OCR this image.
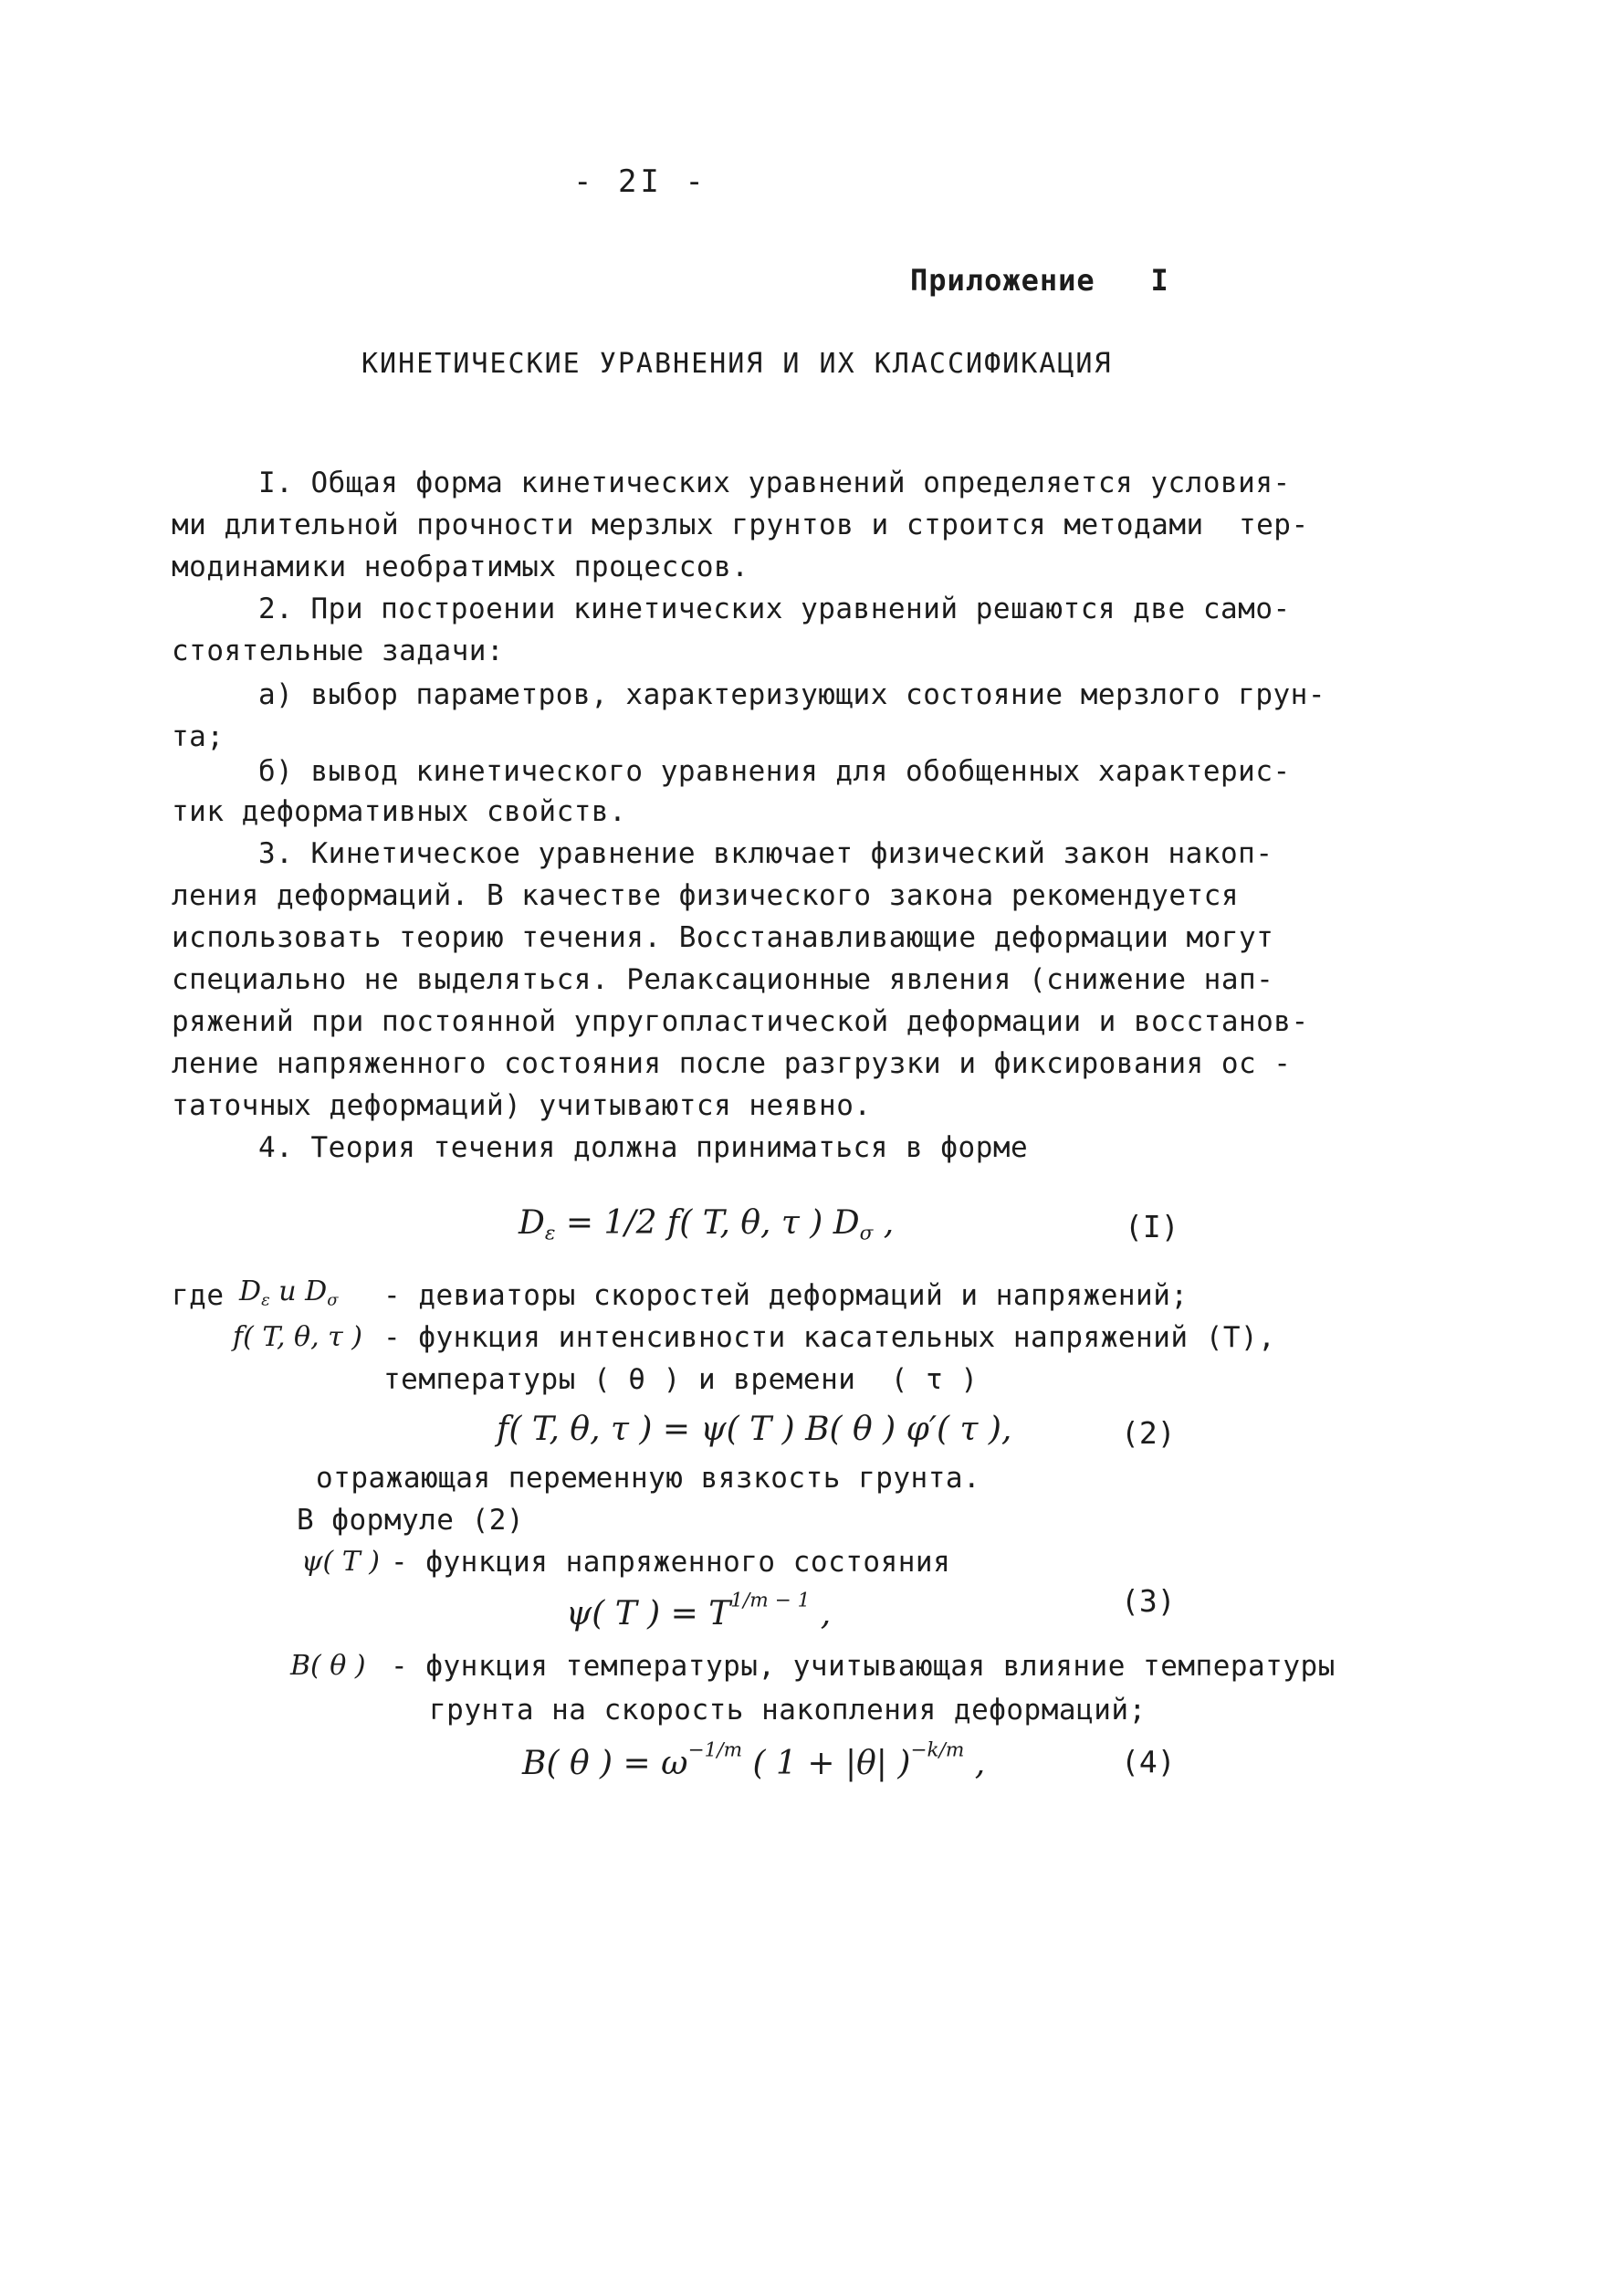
- 2I -
Приложение   I
КИНЕТИЧЕСКИЕ УРАВНЕНИЯ И ИХ КЛАССИФИКАЦИЯ
I. Общая форма кинетических уравнений определяется условия-
ми длительной прочности мерзлых грунтов и строится методами  тер-
модинамики необратимых процессов.
2. При построении кинетических уравнений решаются две само-
стоятельные задачи:
а) выбор параметров, характеризующих состояние мерзлого грун-
та;
б) вывод кинетического уравнения для обобщенных характерис-
тик деформативных свойств.
3. Кинетическое уравнение включает физический закон накоп-
ления деформаций. В качестве физического закона рекомендуется
использовать теорию течения. Восстанавливающие деформации могут
специально не выделяться. Релаксационные явления (снижение нап-
ряжений при постоянной упругопластической деформации и восстанов-
ление напряженного состояния после разгрузки и фиксирования ос -
таточных деформаций) учитываются неявно.
4. Теория течения должна приниматься в форме
$D_\varepsilon = 1/2$ f( T, θ, τ ) $D_\sigma$ ,	(I)
где $D_\varepsilon$ и $D_\sigma$ - девиаторы скоростей деформаций и напряжений;
f( T, θ, τ ) - функция интенсивности касательных напряжений (T),
температуры ( θ ) и времени  ( τ )
f( T, θ, τ ) = ψ( T ) B( θ ) φ′( τ ),	(2)
отражающая переменную вязкость грунта.
В формуле (2)
ψ( T ) - функция напряженного состояния
ψ( T ) = $T^{1/m - 1}$ ,	(3)
B( θ ) - функция температуры, учитывающая влияние температуры
грунта на скорость накопления деформаций;
B( θ ) = $\omega^{-1/m}$ ( 1 + |θ| )$^{-k/m}$ ,	(4)
